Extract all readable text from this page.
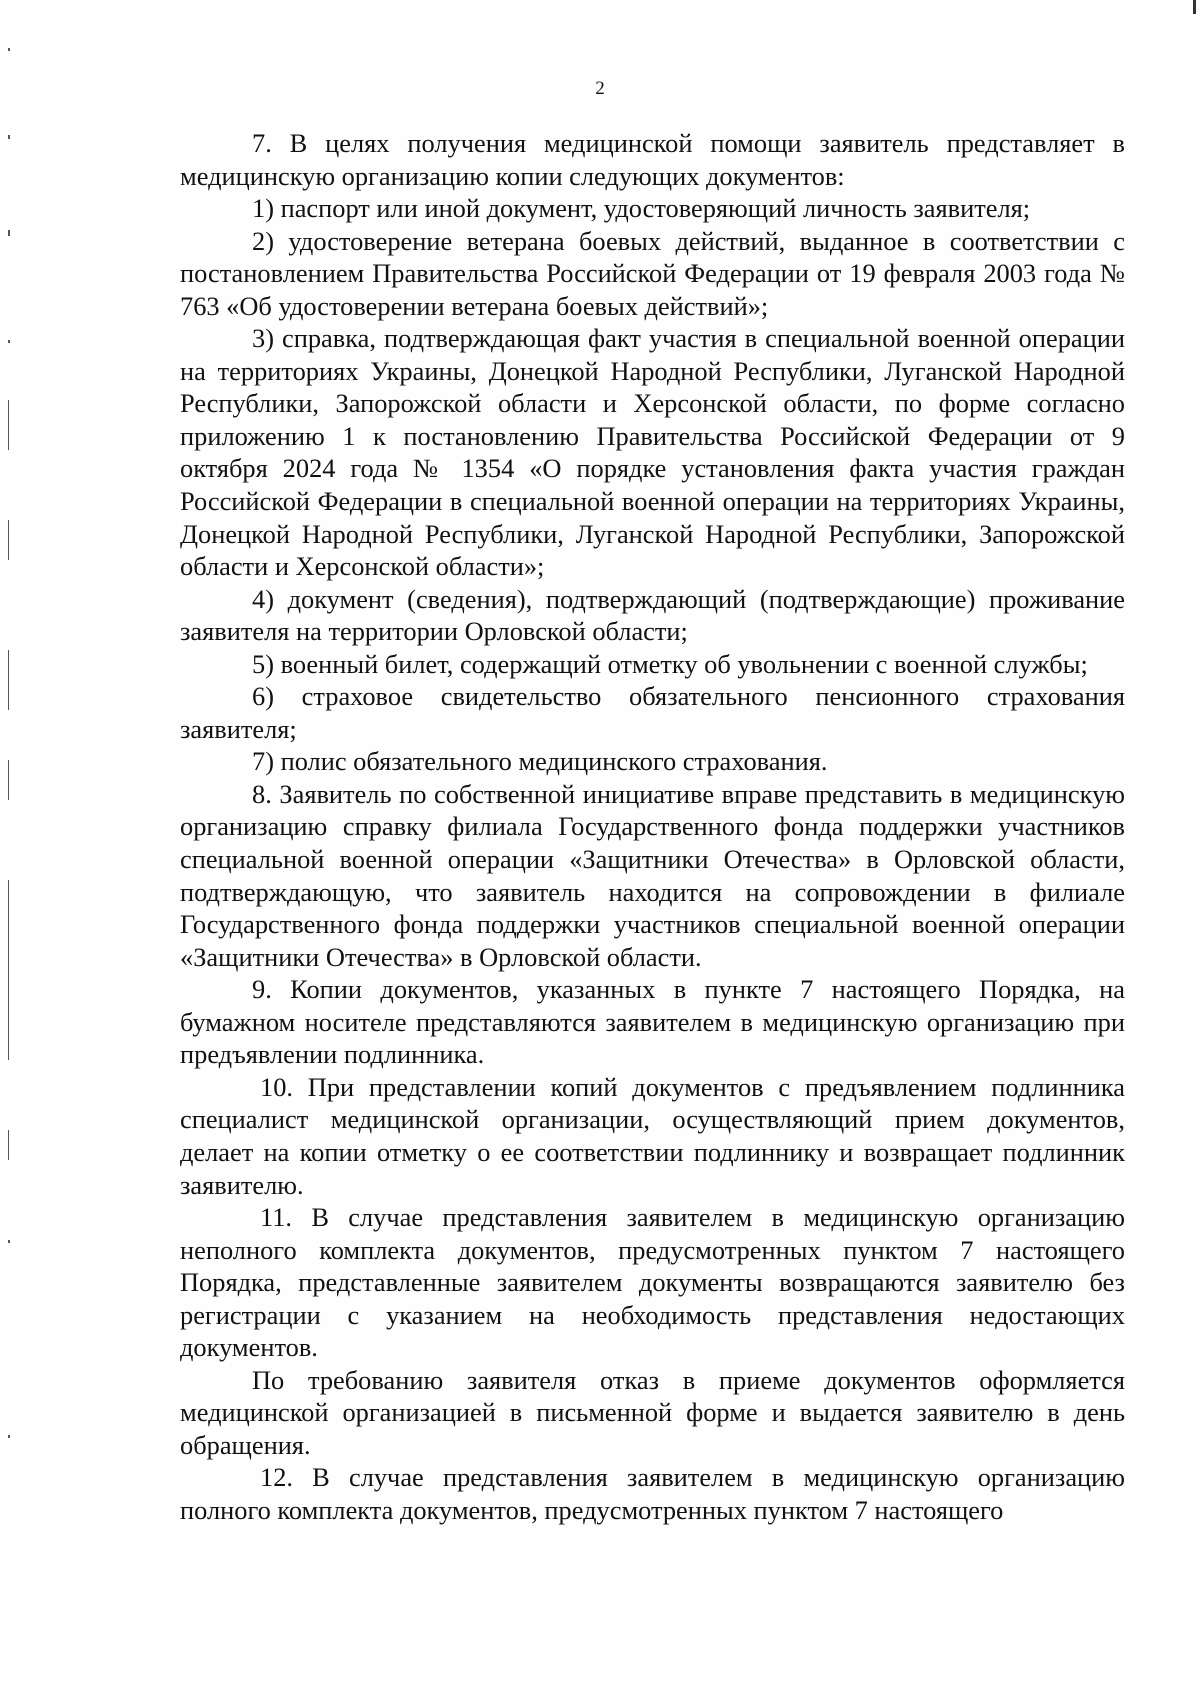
2

7. В целях получения медицинской помощи заявитель представляет в медицинскую организацию копии следующих документов:

1) паспорт или иной документ, удостоверяющий личность заявителя;

2) удостоверение ветерана боевых действий, выданное в соответствии с постановлением Правительства Российской Федерации от 19 февраля 2003 года № 763 «Об удостоверении ветерана боевых действий»;

3) справка, подтверждающая факт участия в специальной военной операции на территориях Украины, Донецкой Народной Республики, Луганской Народной Республики, Запорожской области и Херсонской области, по форме согласно приложению 1 к постановлению Правительства Российской Федерации от 9 октября 2024 года № 1354 «О порядке установления факта участия граждан Российской Федерации в специальной военной операции на территориях Украины, Донецкой Народной Республики, Луганской Народной Республики, Запорожской области и Херсонской области»;

4) документ (сведения), подтверждающий (подтверждающие) проживание заявителя на территории Орловской области;

5) военный билет, содержащий отметку об увольнении с военной службы;

6) страховое свидетельство обязательного пенсионного страхования заявителя;

7) полис обязательного медицинского страхования.

8. Заявитель по собственной инициативе вправе представить в медицинскую организацию справку филиала Государственного фонда поддержки участников специальной военной операции «Защитники Отечества» в Орловской области, подтверждающую, что заявитель находится на сопровождении в филиале Государственного фонда поддержки участников специальной военной операции «Защитники Отечества» в Орловской области.

9. Копии документов, указанных в пункте 7 настоящего Порядка, на бумажном носителе представляются заявителем в медицинскую организацию при предъявлении подлинника.

10. При представлении копий документов с предъявлением подлинника специалист медицинской организации, осуществляющий прием документов, делает на копии отметку о ее соответствии подлиннику и возвращает подлинник заявителю.

11. В случае представления заявителем в медицинскую организацию неполного комплекта документов, предусмотренных пунктом 7 настоящего Порядка, представленные заявителем документы возвращаются заявителю без регистрации с указанием на необходимость представления недостающих документов.

По требованию заявителя отказ в приеме документов оформляется медицинской организацией в письменной форме и выдается заявителю в день обращения.

12. В случае представления заявителем в медицинскую организацию полного комплекта документов, предусмотренных пунктом 7 настоящего
